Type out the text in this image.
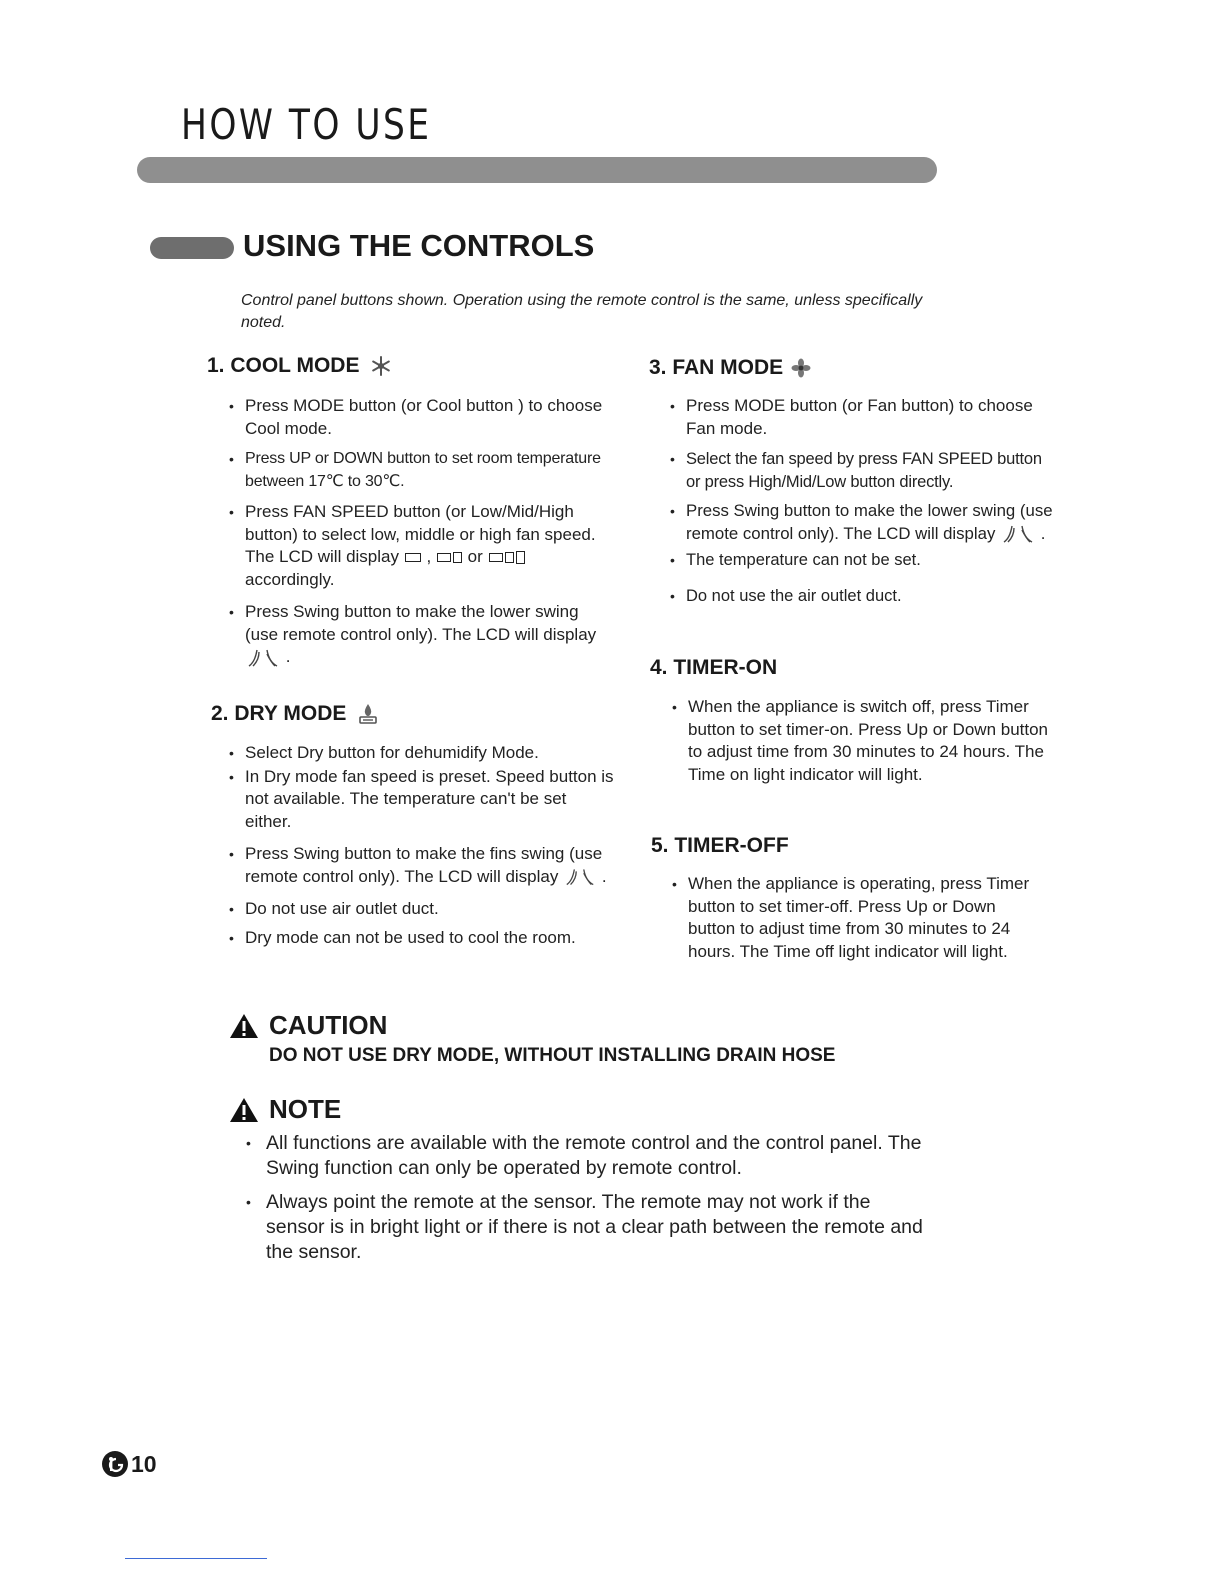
HOW TO USE
USING THE CONTROLS
Control panel buttons shown. Operation using the remote control is the same, unless specifically noted.
1. COOL MODE
• Press MODE button (or Cool button ) to choose Cool mode.
• Press UP or DOWN button to set room temperature between 17℃ to 30℃.
• Press FAN SPEED button (or Low/Mid/High button) to select low, middle or high fan speed. The LCD will display , or  accordingly.
• Press Swing button to make the lower swing (use remote control only). The LCD will display  .
2. DRY MODE
• Select Dry button for dehumidify Mode.
• In Dry mode fan speed is preset. Speed button is not available. The temperature can't be set either.
• Press Swing button to make the fins swing (use remote control only). The LCD will display	.
• Do not use air outlet duct.
• Dry mode can not be used to cool the room.
3. FAN MODE
• Press MODE button (or Fan button) to choose Fan mode.
• Select the fan speed by press FAN SPEED button or press High/Mid/Low button directly.
• Press Swing button to make the lower swing (use remote control only). The LCD will display	.
• The temperature can not be set.
• Do not use the air outlet duct.
4. TIMER-ON
• When the appliance is switch off, press Timer button to set timer-on. Press Up or Down button to adjust time from 30 minutes to 24 hours. The Time on light indicator will light.
5. TIMER-OFF
• When the appliance is operating, press Timer button to set timer-off. Press Up or Down button to adjust time from 30 minutes to 24 hours. The Time off light indicator will light.
CAUTION
DO NOT USE DRY MODE, WITHOUT INSTALLING DRAIN HOSE
NOTE
• All functions are available with the remote control and the control panel. The Swing function can only be operated by remote control.
• Always point the remote at the sensor. The remote may not work if the sensor is in bright light or if there is not a clear path between the remote and the sensor.
10
